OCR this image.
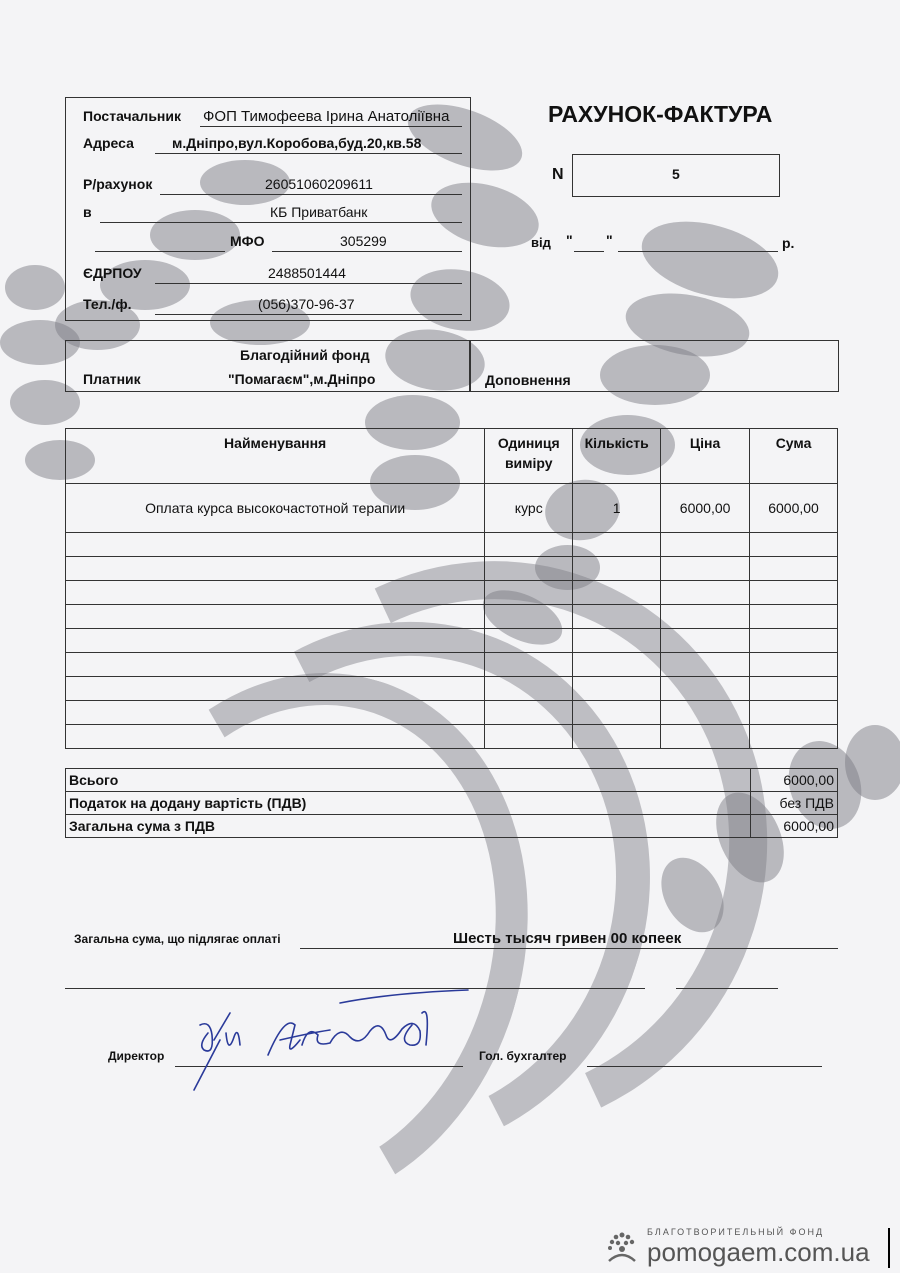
Постачальник ФОП Тимофеева Ірина Анатоліївна
Адреса	м.Дніпро,вул.Коробова,буд.20,кв.58
Р/рахунок	26051060209611
в	КБ Приватбанк
МФО	305299
ЄДРПОУ	2488501444
Тел./ф.	(056)370-96-37
РАХУНОК-ФАКТУРА
N	5
від " "	р.
Платник
Благодійний фонд
"Помагаєм",м.Дніпро	Доповнення
Найменування	Одиниця виміру	Кількість	Ціна	Сума
Оплата курса высокочастотной терапии	курс	1	6000,00	6000,00

Всього	6000,00
Податок на додану вартість (ПДВ)	без ПДВ
Загальна сума з ПДВ	6000,00
Загальна сума, що підлягає оплаті	Шесть тысяч гривен 00 копеек
Директор	Гол. бухгалтер
БЛАГОТВОРИТЕЛЬНЫЙ ФОНД
pomogaem.com.ua
